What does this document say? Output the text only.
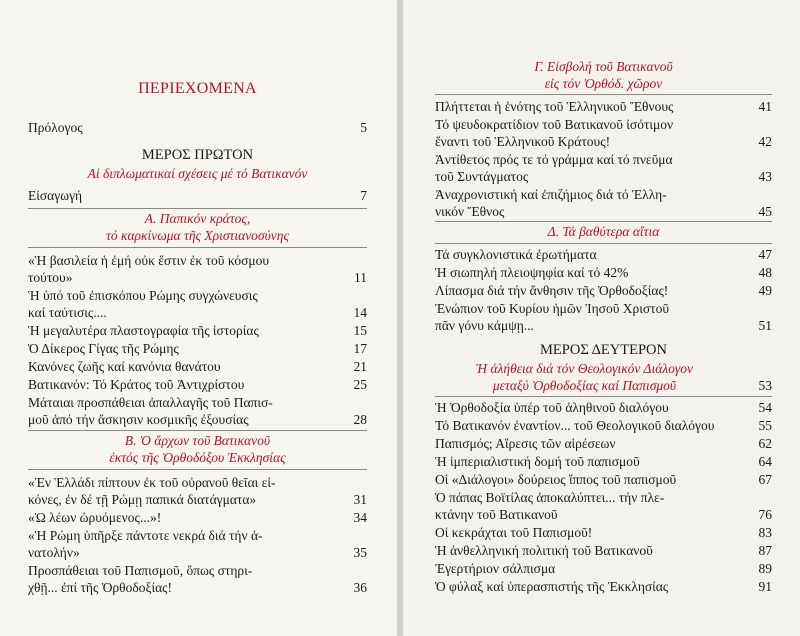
ΠΕΡΙΕΧΟΜΕΝΑ
Πρόλογος	5
ΜΕΡΟΣ ΠΡΩΤΟΝ
Αἱ διπλωματικαί σχέσεις μέ τό Βατικανόν
Εἰσαγωγή	7
Α. Παπικόν κράτος,
τό καρκίνωμα τῆς Χριστιανοσύνης
«Ἡ βασιλεία ἡ ἐμή οὐκ ἔστιν ἐκ τοῦ κόσμου
τούτου»	11
Ἡ ὑπό τοῦ ἐπισκόπου Ρώμης συγχώνευσις
καί ταύτισις....	14
Ἡ μεγαλυτέρα πλαστογραφία τῆς ἱστορίας	15
Ὁ Δίκερος Γίγας τῆς Ρώμης	17
Κανόνες ζωῆς καί κανόνια θανάτου	21
Βατικανόν: Τό Κράτος τοῦ Ἀντιχρίστου	25
Μάταιαι προσπάθειαι ἀπαλλαγῆς τοῦ Παπισ-
μοῦ ἀπό τήν ἄσκησιν κοσμικῆς ἐξουσίας	28
Β. Ὁ ἄρχων τοῦ Βατικανοῦ
ἐκτός τῆς Ὀρθοδόξου Ἐκκλησίας
«Ἐν Ἑλλάδι πίπτουν ἐκ τοῦ οὐρανοῦ θεῖαι εἰ-
κόνες, ἐν δέ τῇ Ρώμῃ παπικά διατάγματα»	31
«Ὡ λέων ὠρυόμενος...»!	34
«Ἡ Ρώμη ὑπῆρξε πάντοτε νεκρά διά τήν ἀ-
νατολήν»	35
Προσπάθειαι τοῦ Παπισμοῦ, ὅπως στηρι-
χθῇ... ἐπί τῆς Ὀρθοδοξίας!	36
Γ. Εἰσβολή τοῦ Βατικανοῦ
εἰς τόν Ὀρθόδ. χῶρον
Πλήττεται ἡ ἑνότης τοῦ Ἑλληνικοῦ Ἔθνους	41
Τό ψευδοκρατίδιον τοῦ Βατικανοῦ ἰσότιμον
ἔναντι τοῦ Ἑλληνικοῦ Κράτους!	42
Ἀντίθετος πρός τε τό γράμμα καί τό πνεῦμα
τοῦ Συντάγματος	43
Ἀναχρονιστική καί ἐπιζήμιος διά τό Ἑλλη-
νικόν Ἔθνος	45
Δ. Τά βαθύτερα αἴτια
Τά συγκλονιστικά ἐρωτήματα	47
Ἡ σιωπηλή πλειοψηφία καί τό 42%	48
Λίπασμα διά τήν ἄνθησιν τῆς Ὀρθοδοξίας!	49
Ἐνώπιον τοῦ Κυρίου ἡμῶν Ἰησοῦ Χριστοῦ
πᾶν γόνυ κάμψῃ...	51
ΜΕΡΟΣ ΔΕΥΤΕΡΟΝ
Ἡ ἀλήθεια διά τόν Θεολογικόν Διάλογον
μεταξύ Ὀρθοδοξίας καί Παπισμοῦ	53
Ἡ Ὀρθοδοξία ὑπέρ τοῦ ἀληθινοῦ διαλόγου	54
Τό Βατικανόν ἐναντίον... τοῦ Θεολογικοῦ διαλόγου	55
Παπισμός; Αἵρεσις τῶν αἱρέσεων	62
Ἡ ἰμπεριαλιστική δομή τοῦ παπισμοῦ	64
Οἱ «Διάλογοι» δούρειος ἵππος τοῦ παπισμοῦ	67
Ὁ πάπας Βοϊτίλας ἀποκαλύπτει... τήν πλε-
κτάνην τοῦ Βατικανοῦ	76
Οἱ κεκράχται τοῦ Παπισμοῦ!	83
Ἡ ἀνθελληνική πολιτική τοῦ Βατικανοῦ	87
Ἐγερτήριον σάλπισμα	89
Ὁ φύλαξ καί ὑπερασπιστής τῆς Ἐκκλησίας	91
